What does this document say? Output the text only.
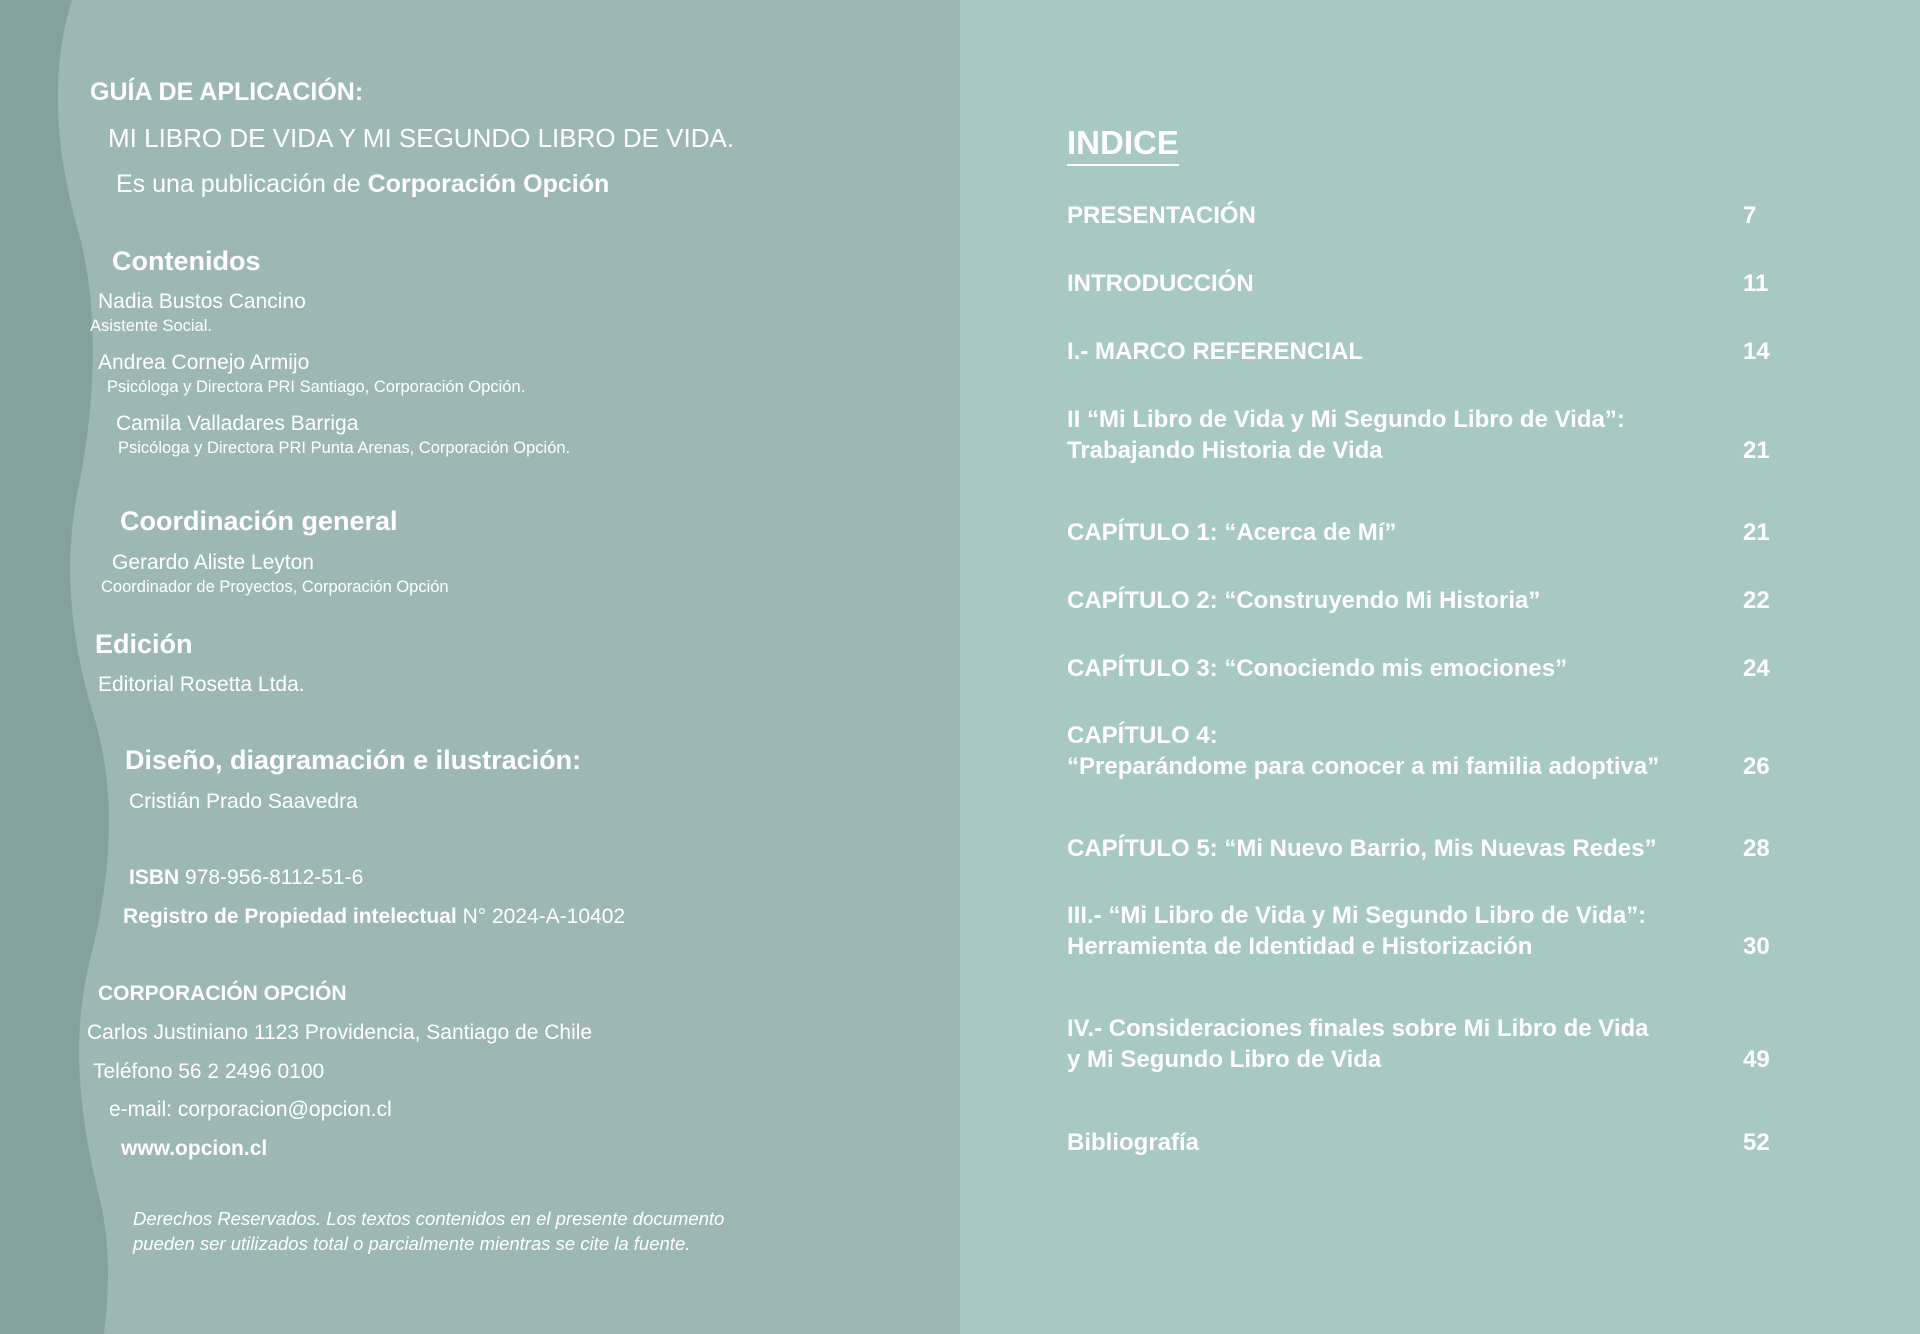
GUÍA DE APLICACIÓN:
MI LIBRO DE VIDA Y MI SEGUNDO LIBRO DE VIDA.
Es una publicación de Corporación Opción
Contenidos
Nadia Bustos Cancino
Asistente Social.
Andrea Cornejo Armijo
Psicóloga y Directora PRI Santiago, Corporación Opción.
Camila Valladares Barriga
Psicóloga y Directora PRI Punta Arenas, Corporación Opción.
Coordinación general
Gerardo Aliste Leyton
Coordinador de Proyectos, Corporación Opción
Edición
Editorial Rosetta Ltda.
Diseño, diagramación e ilustración:
Cristián Prado Saavedra
ISBN 978-956-8112-51-6
Registro de Propiedad intelectual N° 2024-A-10402
CORPORACIÓN OPCIÓN
Carlos Justiniano 1123 Providencia, Santiago de Chile
Teléfono 56 2 2496 0100
e-mail: corporacion@opcion.cl
www.opcion.cl
Derechos Reservados. Los textos contenidos en el presente documento
pueden ser utilizados total o parcialmente mientras se cite la fuente.
INDICE
PRESENTACIÓN	7
INTRODUCCIÓN	11
I.- MARCO REFERENCIAL	14
II “Mi Libro de Vida y Mi Segundo Libro de Vida”:
Trabajando Historia de Vida	21
CAPÍTULO 1: “Acerca de Mí”	21
CAPÍTULO 2: “Construyendo Mi Historia”	22
CAPÍTULO 3: “Conociendo mis emociones”	24
CAPÍTULO 4:
“Preparándome para conocer a mi familia adoptiva”	26
CAPÍTULO 5: “Mi Nuevo Barrio, Mis Nuevas Redes”	28
III.- “Mi Libro de Vida y Mi Segundo Libro de Vida”:
Herramienta de Identidad e Historización	30
IV.- Consideraciones finales sobre Mi Libro de Vida
y Mi Segundo Libro de Vida	49
Bibliografía	52
